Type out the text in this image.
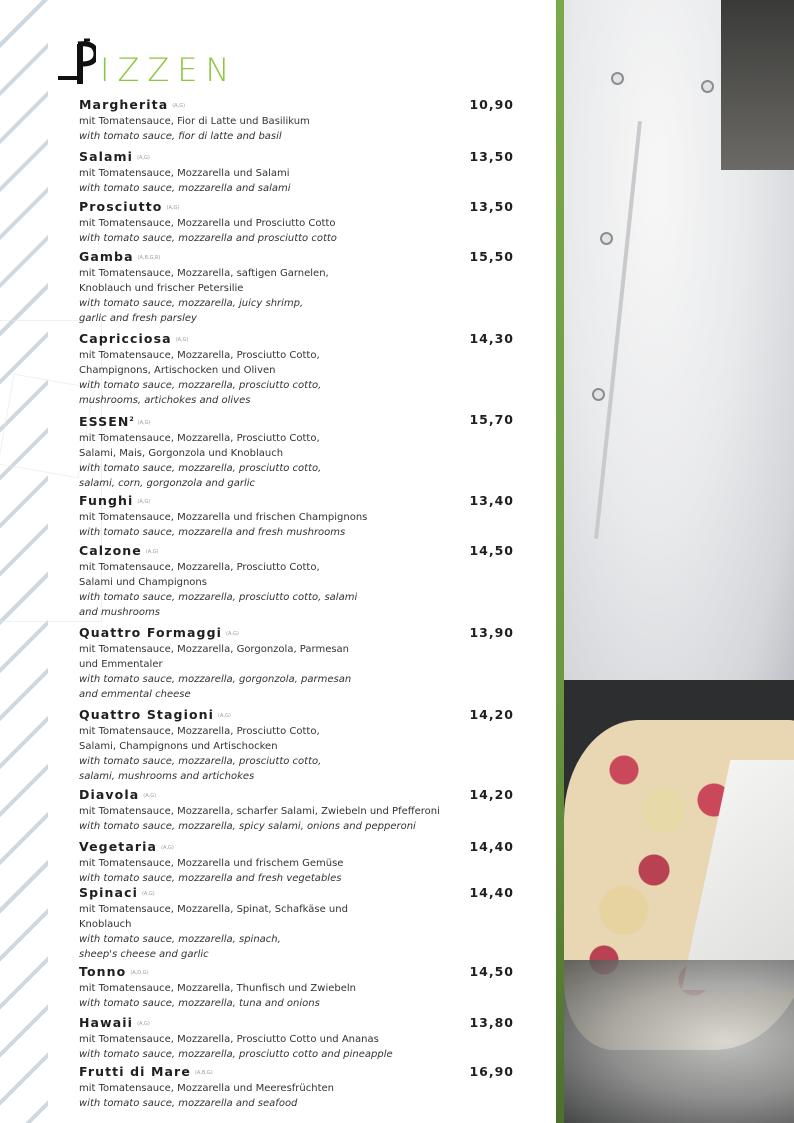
IZZEN
Margherita (A,G)	10,90
mit Tomatensauce, Fior di Latte und Basilikum
with tomato sauce, fior di latte and basil
Salami (A,G)	13,50
mit Tomatensauce, Mozzarella und Salami
with tomato sauce, mozzarella and salami
Prosciutto (A,G)	13,50
mit Tomatensauce, Mozzarella und Prosciutto Cotto
with tomato sauce, mozzarella and prosciutto cotto
Gamba (A,B,G,R)	15,50
mit Tomatensauce, Mozzarella, saftigen Garnelen,
Knoblauch und frischer Petersilie
with tomato sauce, mozzarella, juicy shrimp,
garlic and fresh parsley
Capricciosa (A,G)	14,30
mit Tomatensauce, Mozzarella, Prosciutto Cotto,
Champignons, Artischocken und Oliven
with tomato sauce, mozzarella, prosciutto cotto,
mushrooms, artichokes and olives
ESSEN$^2$ (A,G)	15,70
mit Tomatensauce, Mozzarella, Prosciutto Cotto,
Salami, Mais, Gorgonzola und Knoblauch
with tomato sauce, mozzarella, prosciutto cotto,
salami, corn, gorgonzola and garlic
Funghi (A,G)	13,40
mit Tomatensauce, Mozzarella und frischen Champignons
with tomato sauce, mozzarella and fresh mushrooms
Calzone (A,G)	14,50
mit Tomatensauce, Mozzarella, Prosciutto Cotto,
Salami und Champignons
with tomato sauce, mozzarella, prosciutto cotto, salami
and mushrooms
Quattro Formaggi (A,G)	13,90
mit Tomatensauce, Mozzarella, Gorgonzola, Parmesan
und Emmentaler
with tomato sauce, mozzarella, gorgonzola, parmesan
and emmental cheese
Quattro Stagioni (A,G)	14,20
mit Tomatensauce, Mozzarella, Prosciutto Cotto,
Salami, Champignons und Artischocken
with tomato sauce, mozzarella, prosciutto cotto,
salami, mushrooms and artichokes
Diavola (A,G)	14,20
mit Tomatensauce, Mozzarella, scharfer Salami, Zwiebeln und Pfefferoni
with tomato sauce, mozzarella, spicy salami, onions and pepperoni
Vegetaria (A,G)	14,40
mit Tomatensauce, Mozzarella und frischem Gemüse
with tomato sauce, mozzarella and fresh vegetables
Spinaci (A,G)	14,40
mit Tomatensauce, Mozzarella, Spinat, Schafkäse und
Knoblauch
with tomato sauce, mozzarella, spinach,
sheep's cheese and garlic
Tonno (A,D,G)	14,50
mit Tomatensauce, Mozzarella, Thunfisch und Zwiebeln
with tomato sauce, mozzarella, tuna and onions
Hawaii (A,G)	13,80
mit Tomatensauce, Mozzarella, Prosciutto Cotto und Ananas
with tomato sauce, mozzarella, prosciutto cotto and pineapple
Frutti di Mare (A,B,G)	16,90
mit Tomatensauce, Mozzarella und Meeresfrüchten
with tomato sauce, mozzarella and seafood
